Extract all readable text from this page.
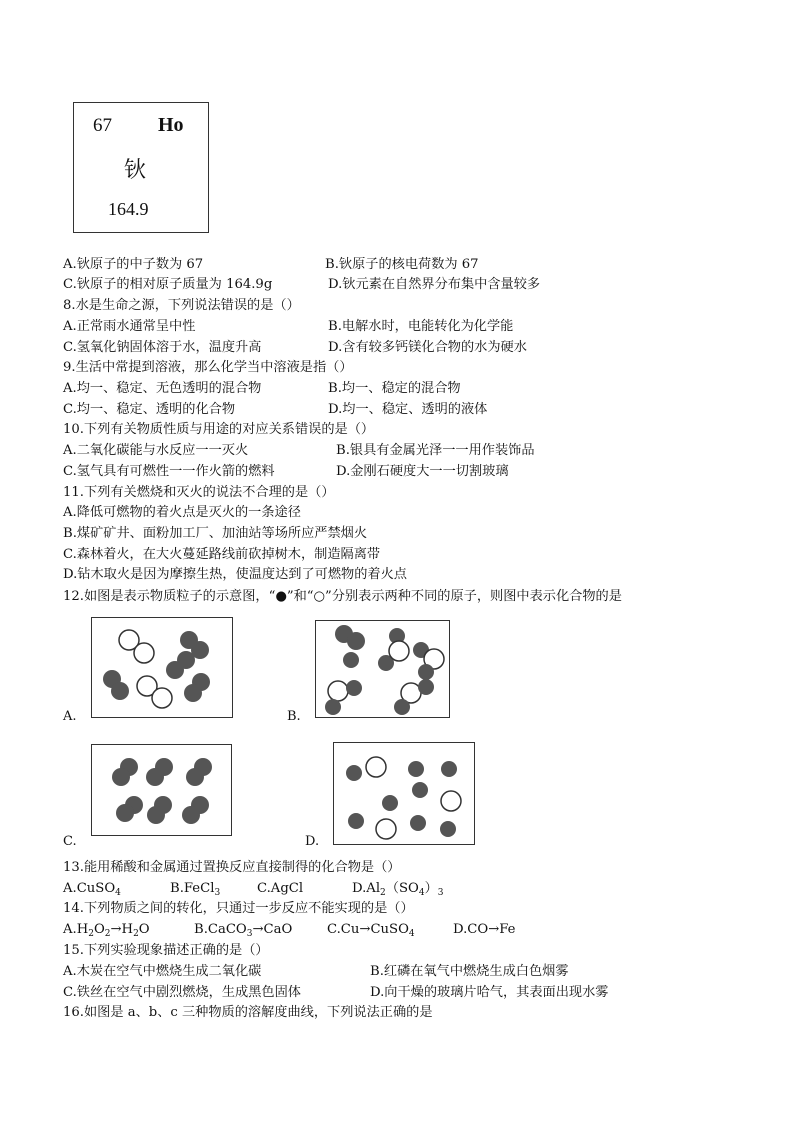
67 Ho
钬
164.9
A.钬原子的中子数为 67	B.钬原子的核电荷数为 67
C.钬原子的相对原子质量为 164.9g	D.钬元素在自然界分布集中含量较多
8.水是生命之源，下列说法错误的是（）
A.正常雨水通常呈中性	B.电解水时，电能转化为化学能
C.氢氧化钠固体溶于水，温度升高	D.含有较多钙镁化合物的水为硬水
9.生活中常提到溶液，那么化学当中溶液是指（）
A.均一、稳定、无色透明的混合物	B.均一、稳定的混合物
C.均一、稳定、透明的化合物	D.均一、稳定、透明的液体
10.下列有关物质性质与用途的对应关系错误的是（）
A.二氧化碳能与水反应一一灭火	B.银具有金属光泽一一用作装饰品
C.氢气具有可燃性一一作火箭的燃料	D.金刚石硬度大一一切割玻璃
11.下列有关燃烧和灭火的说法不合理的是（）
A.降低可燃物的着火点是灭火的一条途径
B.煤矿矿井、面粉加工厂、加油站等场所应严禁烟火
C.森林着火，在大火蔓延路线前砍掉树木，制造隔离带
D.钻木取火是因为摩擦生热，使温度达到了可燃物的着火点
12.如图是表示物质粒子的示意图，“●”和“○”分别表示两种不同的原子，则图中表示化合物的是
A.	B.
C.	D.
13.能用稀酸和金属通过置换反应直接制得的化合物是（）
A.CuSO$_4$	B.FeCl$_3$	C.AgCl	$D.Al_2(SO_4)_3$
14.下列物质之间的转化，只通过一步反应不能实现的是（）
$A.H_2O_2\to H_2O$	B.CaCO$_3$→CaO	C.Cu→CuSO$_4$	D.CO→Fe
15.下列实验现象描述正确的是（）
A.木炭在空气中燃烧生成二氧化碳	B.红磷在氧气中燃烧生成白色烟雾
C.铁丝在空气中剧烈燃烧，生成黑色固体	D.向干燥的玻璃片哈气，其表面出现水雾
16.如图是 a、b、c 三种物质的溶解度曲线，下列说法正确的是
